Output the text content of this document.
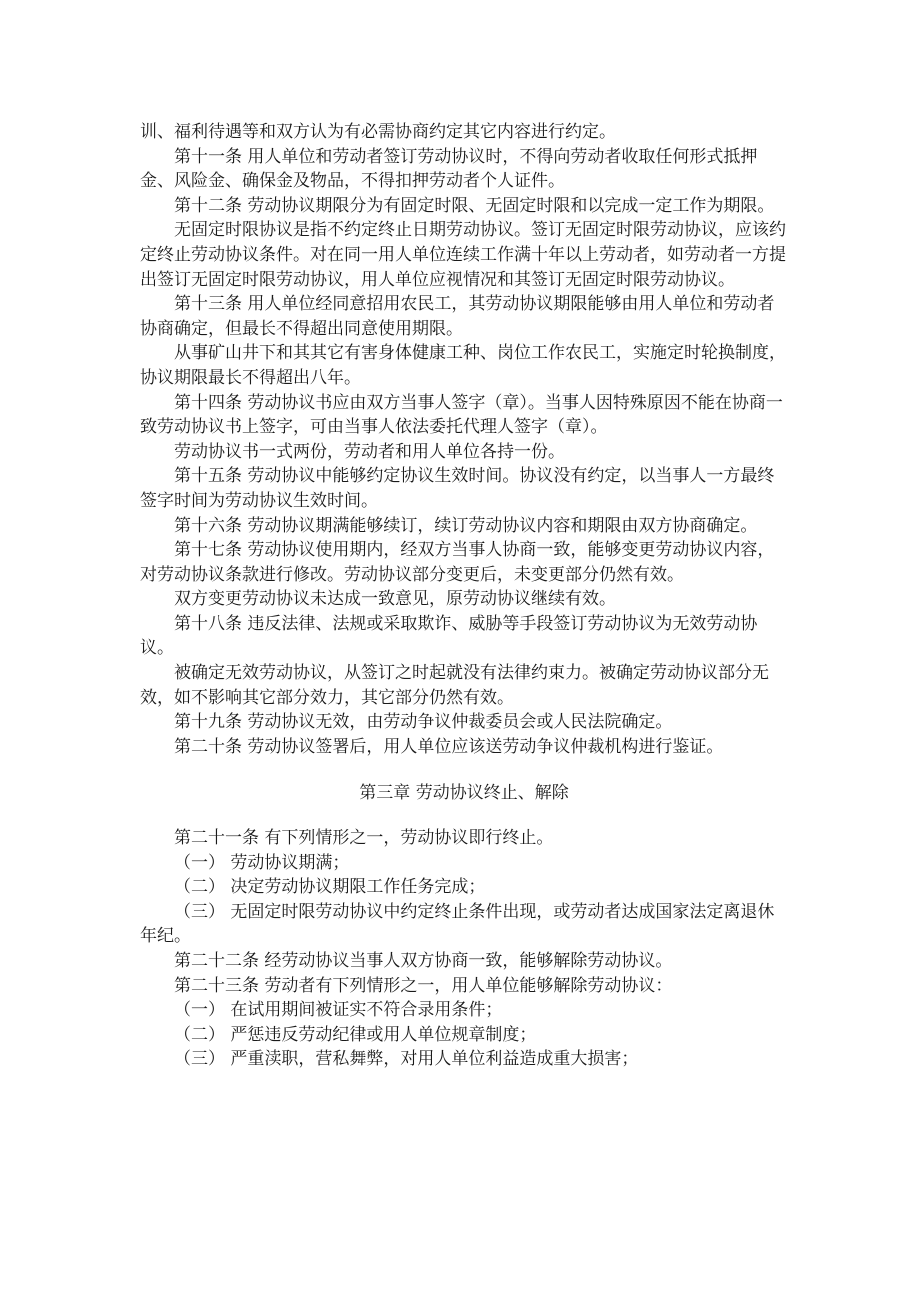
训、福利待遇等和双方认为有必需协商约定其它内容进行约定。

第十一条 用人单位和劳动者签订劳动协议时，不得向劳动者收取任何形式抵押金、风险金、确保金及物品，不得扣押劳动者个人证件。

第十二条 劳动协议期限分为有固定时限、无固定时限和以完成一定工作为期限。

无固定时限协议是指不约定终止日期劳动协议。签订无固定时限劳动协议，应该约定终止劳动协议条件。对在同一用人单位连续工作满十年以上劳动者，如劳动者一方提出签订无固定时限劳动协议，用人单位应视情况和其签订无固定时限劳动协议。

第十三条 用人单位经同意招用农民工，其劳动协议期限能够由用人单位和劳动者协商确定，但最长不得超出同意使用期限。

从事矿山井下和其其它有害身体健康工种、岗位工作农民工，实施定时轮换制度，协议期限最长不得超出八年。

第十四条 劳动协议书应由双方当事人签字（章）。当事人因特殊原因不能在协商一致劳动协议书上签字，可由当事人依法委托代理人签字（章）。

劳动协议书一式两份，劳动者和用人单位各持一份。

第十五条 劳动协议中能够约定协议生效时间。协议没有约定，以当事人一方最终签字时间为劳动协议生效时间。

第十六条 劳动协议期满能够续订，续订劳动协议内容和期限由双方协商确定。

第十七条 劳动协议使用期内，经双方当事人协商一致，能够变更劳动协议内容，对劳动协议条款进行修改。劳动协议部分变更后，未变更部分仍然有效。

双方变更劳动协议未达成一致意见，原劳动协议继续有效。

第十八条 违反法律、法规或采取欺诈、威胁等手段签订劳动协议为无效劳动协议。

被确定无效劳动协议，从签订之时起就没有法律约束力。被确定劳动协议部分无效，如不影响其它部分效力，其它部分仍然有效。

第十九条 劳动协议无效，由劳动争议仲裁委员会或人民法院确定。

第二十条 劳动协议签署后，用人单位应该送劳动争议仲裁机构进行鉴证。

第三章 劳动协议终止、解除

第二十一条 有下列情形之一，劳动协议即行终止。

（一） 劳动协议期满；

（二） 决定劳动协议期限工作任务完成；

（三） 无固定时限劳动协议中约定终止条件出现，或劳动者达成国家法定离退休年纪。

第二十二条 经劳动协议当事人双方协商一致，能够解除劳动协议。

第二十三条 劳动者有下列情形之一，用人单位能够解除劳动协议：

（一） 在试用期间被证实不符合录用条件；

（二） 严惩违反劳动纪律或用人单位规章制度；

（三） 严重渎职，营私舞弊，对用人单位利益造成重大损害；
